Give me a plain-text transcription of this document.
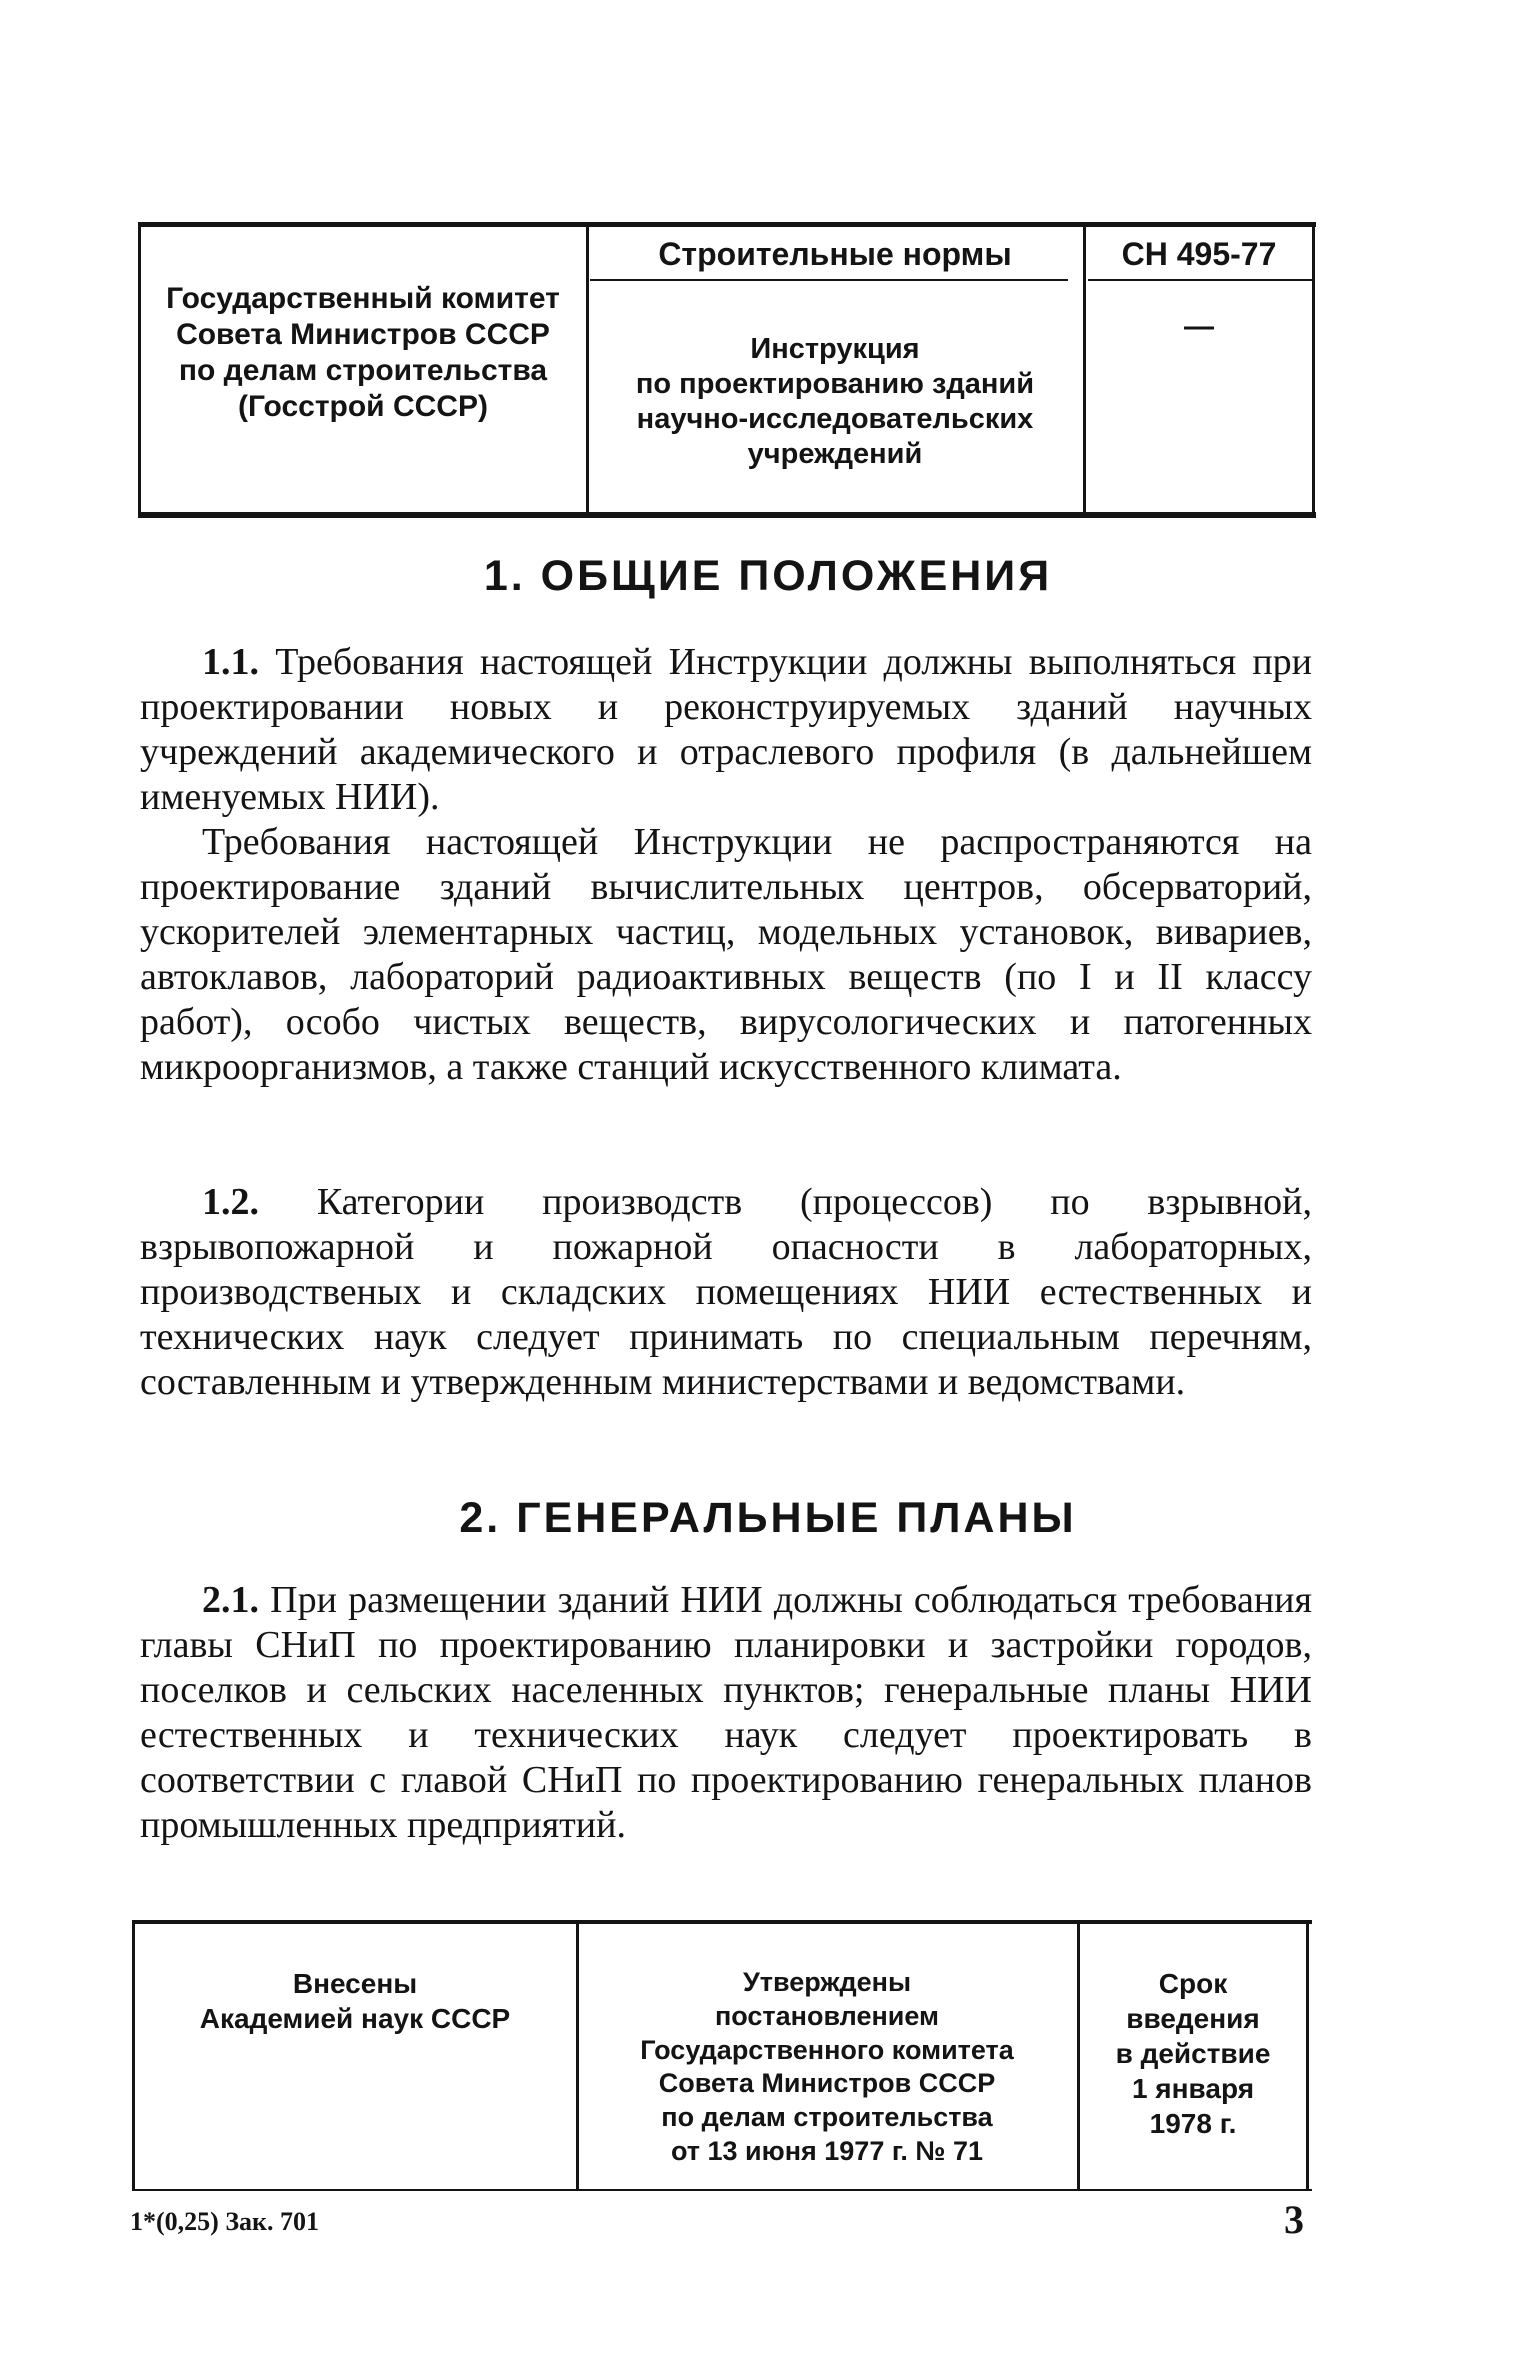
Государственный комитет
Совета Министров СССР
по делам строительства
(Госстрой СССР)
Строительные нормы
Инструкция
по проектированию зданий
научно-исследовательских
учреждений
СН 495-77
—
1. ОБЩИЕ ПОЛОЖЕНИЯ

1.1. Требования настоящей Инструкции должны выполняться при проектировании новых и реконструируемых зданий научных учреждений академического и отраслевого профиля (в дальнейшем именуемых НИИ).

Требования настоящей Инструкции не распространяются на проектирование зданий вычислительных центров, обсерваторий, ускорителей элементарных частиц, модельных установок, вивариев, автоклавов, лабораторий радиоактивных веществ (по I и II классу работ), особо чистых веществ, вирусологических и патогенных микроорганизмов, а также станций искусственного климата.

1.2. Категории производств (процессов) по взрывной, взрывопожарной и пожарной опасности в лабораторных, производственых и складских помещениях НИИ естественных и технических наук следует принимать по специальным перечням, составленным и утвержденным министерствами и ведомствами.

2. ГЕНЕРАЛЬНЫЕ ПЛАНЫ

2.1. При размещении зданий НИИ должны соблюдаться требования главы СНиП по проектированию планировки и застройки городов, поселков и сельских населенных пунктов; генеральные планы НИИ естественных и технических наук следует проектировать в соответствии с главой СНиП по проектированию генеральных планов промышленных предприятий.

Внесены
Академией наук СССР
Утверждены
постановлением
Государственного комитета
Совета Министров СССР
по делам строительства
от 13 июня 1977 г. № 71
Срок
введения
в действие
1 января
1978 г.
1*(0,25) Зак. 701	3
